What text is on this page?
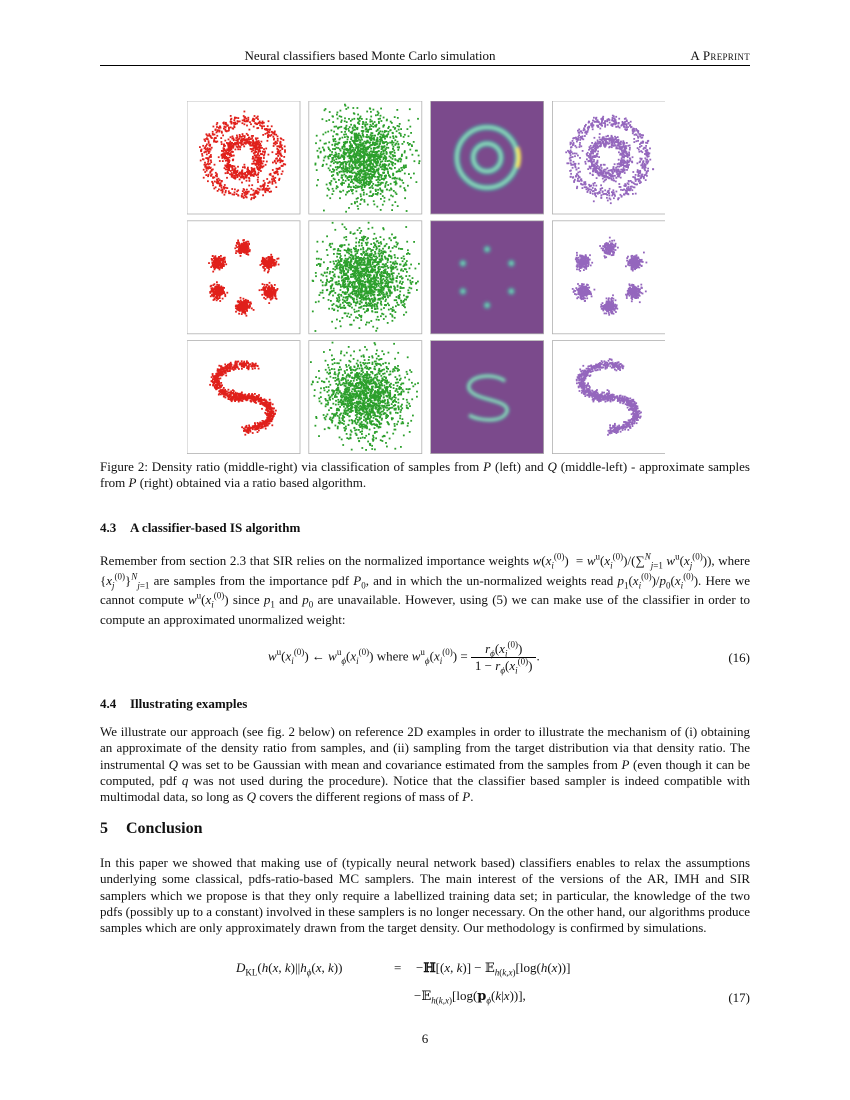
Neural classifiers based Monte Carlo simulation	A Preprint
Figure 2: Density ratio (middle-right) via classification of samples from P (left) and Q (middle-left) - approximate samples from P (right) obtained via a ratio based algorithm.
4.3 A classifier-based IS algorithm
Remember from section 2.3 that SIR relies on the normalized importance weights $w(x_i^{(0)}) = w^u(x_i^{(0)})/(\sum^N_{j=1}$ $w^u(x_j^{(0)})$), where $\{x_j^{(0)}\}^N_{j=1}$ are samples from the importance pdf $P_0$, and in which the un-normalized weights read $p_1(x_i^{(0)})/p_0(x_i^{(0)})$. Here we cannot compute $w^u(x_i^{(0)})$ since $p_1$ and $p_0$ are unavailable. However, using (5) we can make use of the classifier in order to compute an approximated unormalized weight:
$w^u(x_i^{(0)})$ ← $w^u_\phi(x_i^{(0)})$ where $w^u_\phi(x_i^{(0)}) = \frac{r_\phi(x_i^{(0)})}{1 - r_\phi(x_i^{(0)})}$ .	(16)
4.4 Illustrating examples
We illustrate our approach (see fig. 2 below) on reference 2D examples in order to illustrate the mechanism of (i) obtaining an approximate of the density ratio from samples, and (ii) sampling from the target distribution via that density ratio. The instrumental Q was set to be Gaussian with mean and covariance estimated from the samples from P (even though it can be computed, pdf q was not used during the procedure). Notice that the classifier based sampler is indeed compatible with multimodal data, so long as Q covers the different regions of mass of P.
5 Conclusion
In this paper we showed that making use of (typically neural network based) classifiers enables to relax the assumptions underlying some classical, pdfs-ratio-based MC samplers. The main interest of the versions of the AR, IMH and SIR samplers which we propose is that they only require a labellized training data set; in particular, the knowledge of the two pdfs (possibly up to a constant) involved in these samplers is no longer necessary. On the other hand, our algorithms produce samples which are only approximately drawn from the target density. Our methodology is confirmed by simulations.
$D_{KL}(h(x$, $k)||h_\phi(x$, k))	= −ℍ[(x, k)] − 𝔼$_{h(k,x)}$[log(h(x))]
$-𝔼_{h(k,x)}[\log(p_\phi(k|x))]$,	(17)
6
